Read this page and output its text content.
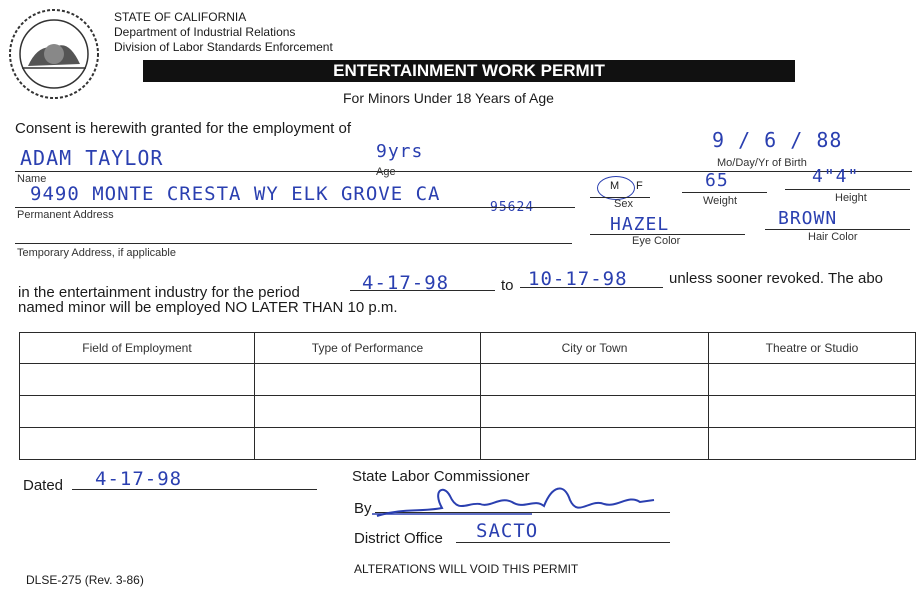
STATE OF CALIFORNIA
Department of Industrial Relations
Division of Labor Standards Enforcement
ENTERTAINMENT WORK PERMIT
For Minors Under 18 Years of Age
Consent is herewith granted for the employment of
ADAM TAYLOR	9yrs	9 / 6 / 88
Name
Age
Mo/Day/Yr of Birth
9490 MONTE CRESTA WY ELK GROVE CA
95624
Permanent Address
M F
Sex
65
Weight
4"4"
Height
Temporary Address, if applicable
HAZEL
Eye Color
BROWN
Hair Color
in the entertainment industry for the period	4-17-98	to 10-17-98	unless sooner revoked. The abo
named minor will be employed NO LATER THAN 10 p.m.
Field of Employment	Type of Performance	City or Town	Theatre or Studio

Dated 4-17-98	State Labor Commissioner
By
District Office SACTO
DLSE-275 (Rev. 3-86)
ALTERATIONS WILL VOID THIS PERMIT
